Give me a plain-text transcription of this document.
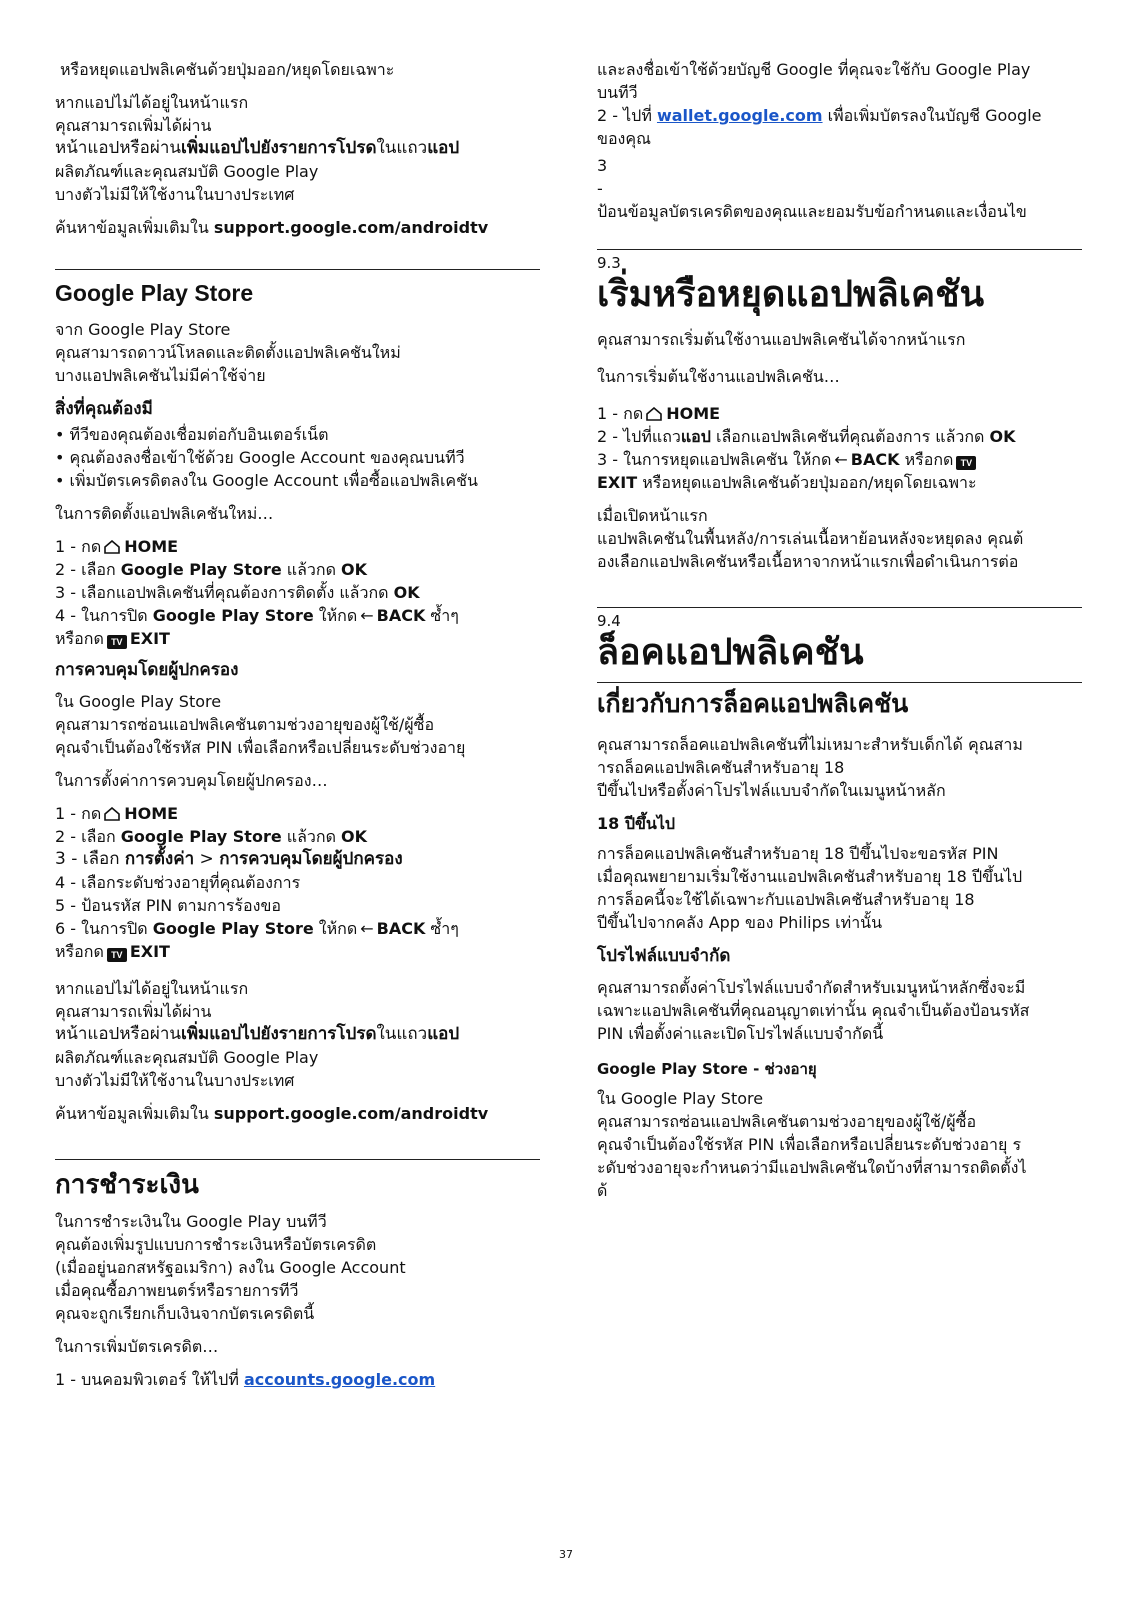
หรือหยุดแอปพลิเคชันด้วยปุ่มออก/หยุดโดยเฉพาะ
หากแอปไม่ได้อยู่ในหน้าแรก
คุณสามารถเพิ่มได้ผ่าน
หน้าแอปหรือผ่านเพิ่มแอปไปยังรายการโปรดในแถวแอป
ผลิตภัณฑ์และคุณสมบัติ Google Play
บางตัวไม่มีให้ใช้งานในบางประเทศ
ค้นหาข้อมูลเพิ่มเติมใน support.google.com/androidtv
Google Play Store
จาก Google Play Store
คุณสามารถดาวน์โหลดและติดตั้งแอปพลิเคชันใหม่
บางแอปพลิเคชันไม่มีค่าใช้จ่าย
สิ่งที่คุณต้องมี
• ทีวีของคุณต้องเชื่อมต่อกับอินเตอร์เน็ต
• คุณต้องลงชื่อเข้าใช้ด้วย Google Account ของคุณบนทีวี
• เพิ่มบัตรเครดิตลงใน Google Account เพื่อซื้อแอปพลิเคชัน
ในการติดตั้งแอปพลิเคชันใหม่…
1 - กด HOME
2 - เลือก Google Play Store แล้วกด OK
3 - เลือกแอปพลิเคชันที่คุณต้องการติดตั้ง แล้วกด OK
4 - ในการปิด Google Play Store ให้กด ← BACK ซ้ำๆ
หรือกด TV EXIT
การควบคุมโดยผู้ปกครอง
ใน Google Play Store
คุณสามารถซ่อนแอปพลิเคชันตามช่วงอายุของผู้ใช้/ผู้ซื้อ
คุณจำเป็นต้องใช้รหัส PIN เพื่อเลือกหรือเปลี่ยนระดับช่วงอายุ
ในการตั้งค่าการควบคุมโดยผู้ปกครอง…
1 - กด HOME
2 - เลือก Google Play Store แล้วกด OK
3 - เลือก การตั้งค่า > การควบคุมโดยผู้ปกครอง
4 - เลือกระดับช่วงอายุที่คุณต้องการ
5 - ป้อนรหัส PIN ตามการร้องขอ
6 - ในการปิด Google Play Store ให้กด ← BACK ซ้ำๆ
หรือกด TV EXIT
หากแอปไม่ได้อยู่ในหน้าแรก
คุณสามารถเพิ่มได้ผ่าน
หน้าแอปหรือผ่านเพิ่มแอปไปยังรายการโปรดในแถวแอป
ผลิตภัณฑ์และคุณสมบัติ Google Play
บางตัวไม่มีให้ใช้งานในบางประเทศ
ค้นหาข้อมูลเพิ่มเติมใน support.google.com/androidtv
การชำระเงิน
ในการชำระเงินใน Google Play บนทีวี
คุณต้องเพิ่มรูปแบบการชำระเงินหรือบัตรเครดิต
(เมื่ออยู่นอกสหรัฐอเมริกา) ลงใน Google Account
เมื่อคุณซื้อภาพยนตร์หรือรายการทีวี
คุณจะถูกเรียกเก็บเงินจากบัตรเครดิตนี้
ในการเพิ่มบัตรเครดิต…
1 - บนคอมพิวเตอร์ ให้ไปที่ accounts.google.com
และลงชื่อเข้าใช้ด้วยบัญชี Google ที่คุณจะใช้กับ Google Play
บนทีวี
2 - ไปที่ wallet.google.com เพื่อเพิ่มบัตรลงในบัญชี Google
ของคุณ
3
-
ป้อนข้อมูลบัตรเครดิตของคุณและยอมรับข้อกำหนดและเงื่อนไข
9.3
เริ่มหรือหยุดแอปพลิเคชัน
คุณสามารถเริ่มต้นใช้งานแอปพลิเคชันได้จากหน้าแรก
ในการเริ่มต้นใช้งานแอปพลิเคชัน…
1 - กด HOME
2 - ไปที่แถวแอป เลือกแอปพลิเคชันที่คุณต้องการ แล้วกด OK
3 - ในการหยุดแอปพลิเคชัน ให้กด ← BACK หรือกด TV
EXIT หรือหยุดแอปพลิเคชันด้วยปุ่มออก/หยุดโดยเฉพาะ
เมื่อเปิดหน้าแรก
แอปพลิเคชันในพื้นหลัง/การเล่นเนื้อหาย้อนหลังจะหยุดลง คุณต้
องเลือกแอปพลิเคชันหรือเนื้อหาจากหน้าแรกเพื่อดำเนินการต่อ
9.4
ล็อคแอปพลิเคชัน
เกี่ยวกับการล็อคแอปพลิเคชัน
คุณสามารถล็อคแอปพลิเคชันที่ไม่เหมาะสำหรับเด็กได้ คุณสาม
ารถล็อคแอปพลิเคชันสำหรับอายุ 18
ปีขึ้นไปหรือตั้งค่าโปรไฟล์แบบจำกัดในเมนูหน้าหลัก
18 ปีขึ้นไป
การล็อคแอปพลิเคชันสำหรับอายุ 18 ปีขึ้นไปจะขอรหัส PIN
เมื่อคุณพยายามเริ่มใช้งานแอปพลิเคชันสำหรับอายุ 18 ปีขึ้นไป
การล็อคนี้จะใช้ได้เฉพาะกับแอปพลิเคชันสำหรับอายุ 18
ปีขึ้นไปจากคลัง App ของ Philips เท่านั้น
โปรไฟล์แบบจำกัด
คุณสามารถตั้งค่าโปรไฟล์แบบจำกัดสำหรับเมนูหน้าหลักซึ่งจะมี
เฉพาะแอปพลิเคชันที่คุณอนุญาตเท่านั้น คุณจำเป็นต้องป้อนรหัส
PIN เพื่อตั้งค่าและเปิดโปรไฟล์แบบจำกัดนี้
Google Play Store - ช่วงอายุ
ใน Google Play Store
คุณสามารถซ่อนแอปพลิเคชันตามช่วงอายุของผู้ใช้/ผู้ซื้อ
คุณจำเป็นต้องใช้รหัส PIN เพื่อเลือกหรือเปลี่ยนระดับช่วงอายุ ร
ะดับช่วงอายุจะกำหนดว่ามีแอปพลิเคชันใดบ้างที่สามารถติดตั้งไ
ด้
37
